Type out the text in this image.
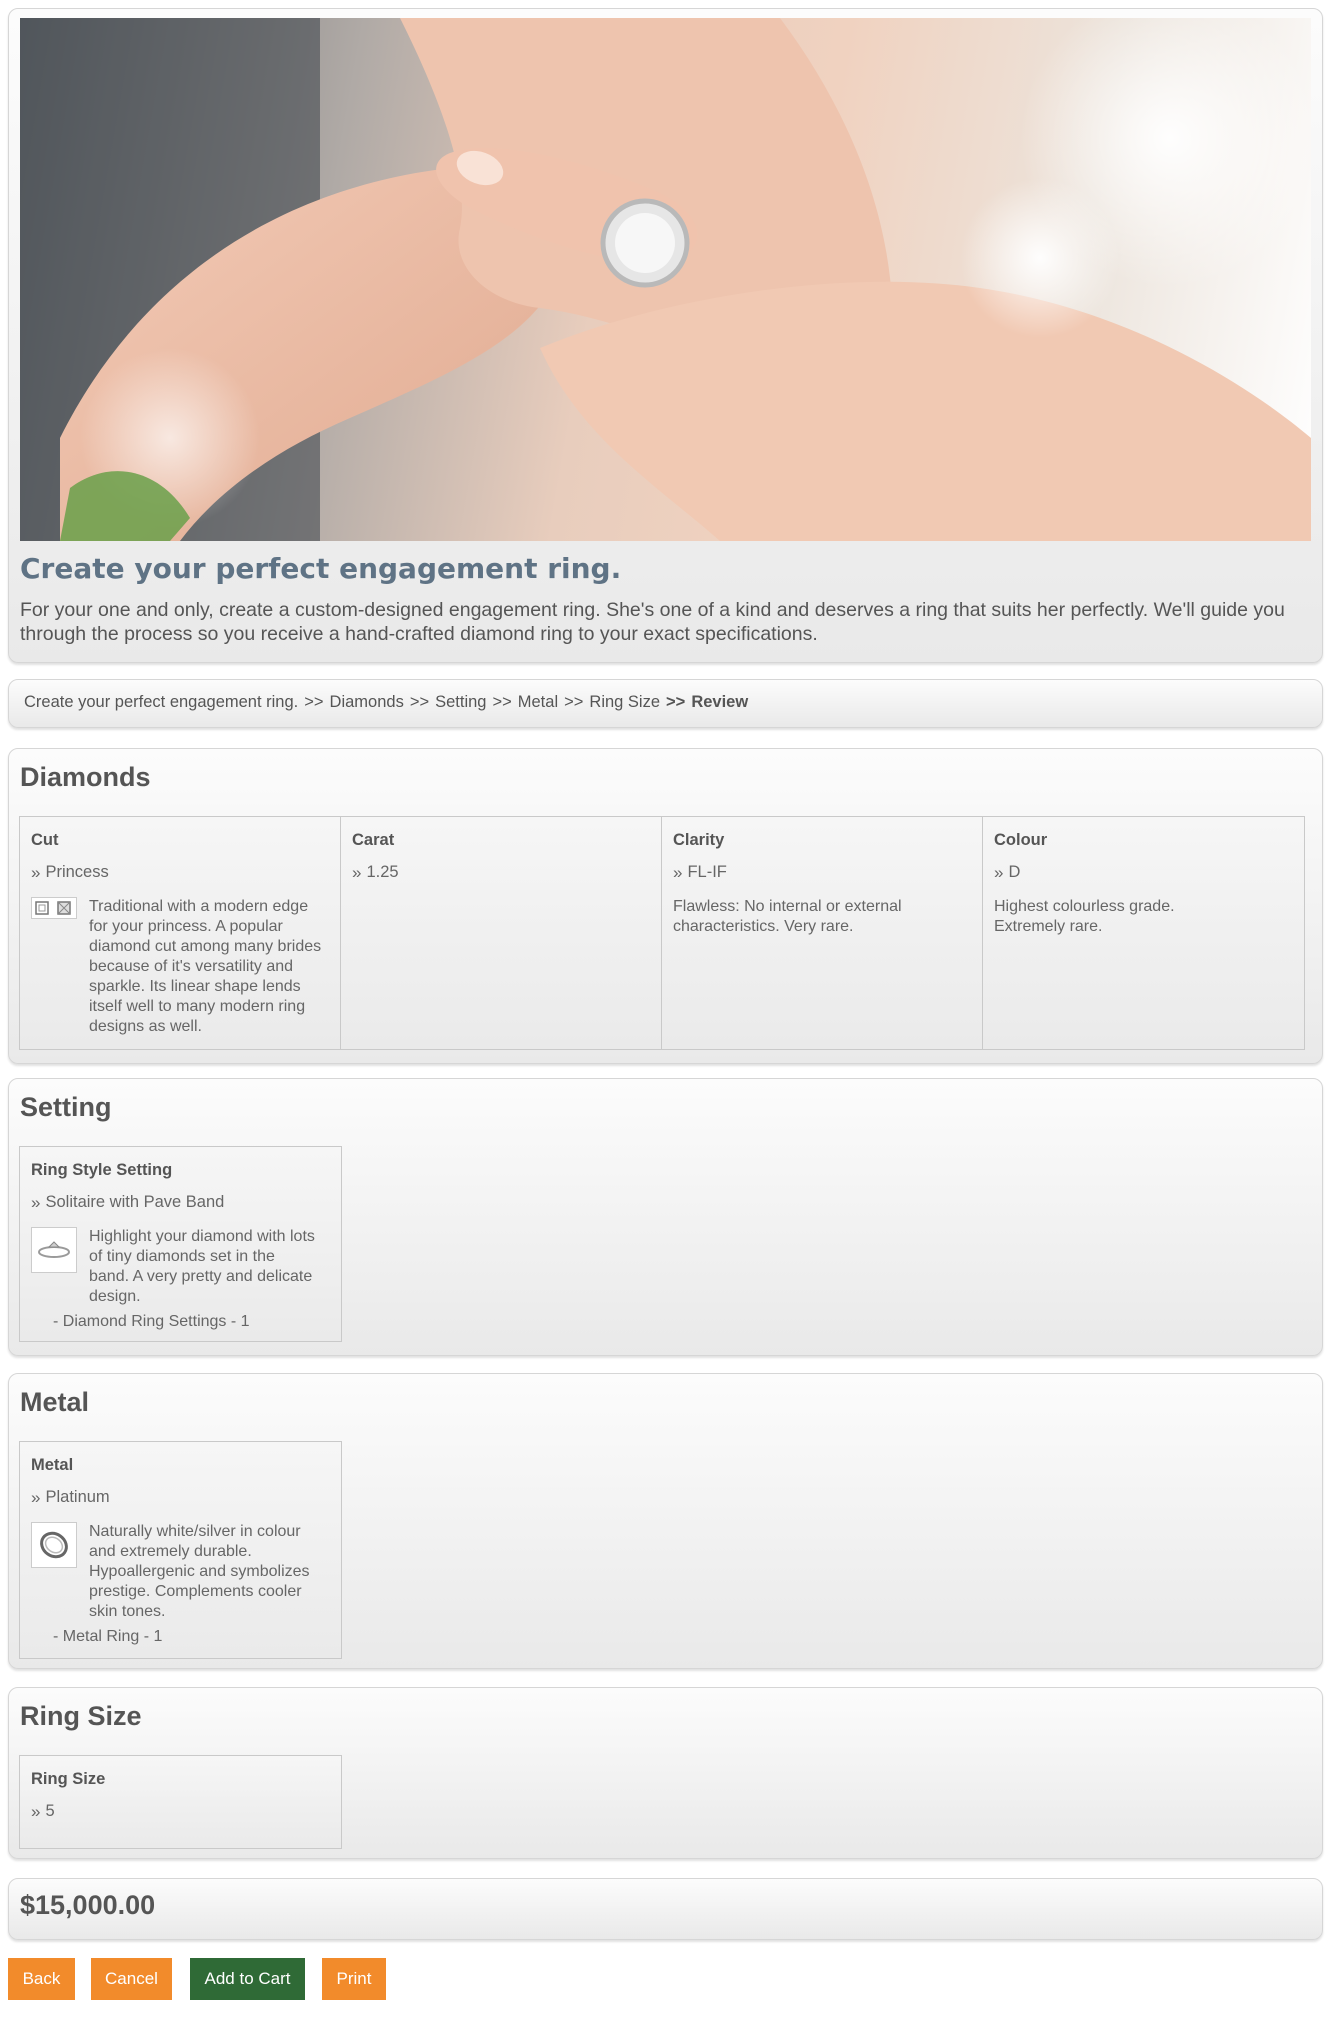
Create your perfect engagement ring.

For your one and only, create a custom-designed engagement ring. She's one of a kind and deserves a ring that suits her perfectly. We'll guide you through the process so you receive a hand-crafted diamond ring to your exact specifications.

Create your perfect engagement ring. >> Diamonds >> Setting >> Metal >> Ring Size >> Review
Diamonds
Cut
» Princess
Traditional with a modern edge for your princess. A popular diamond cut among many brides because of it's versatility and sparkle. Its linear shape lends itself well to many modern ring designs as well.
Carat
» 1.25
Clarity
» FL-IF
Flawless: No internal or external characteristics. Very rare.
Colour
» D
Highest colourless grade. Extremely rare.
Setting
Ring Style Setting
» Solitaire with Pave Band
Highlight your diamond with lots of tiny diamonds set in the band. A very pretty and delicate design.
- Diamond Ring Settings - 1
Metal
Metal
» Platinum
Naturally white/silver in colour and extremely durable. Hypoallergenic and symbolizes prestige. Complements cooler skin tones.
- Metal Ring - 1
Ring Size
Ring Size
» 5
$15,000.00
Back	Cancel	Add to Cart	Print
